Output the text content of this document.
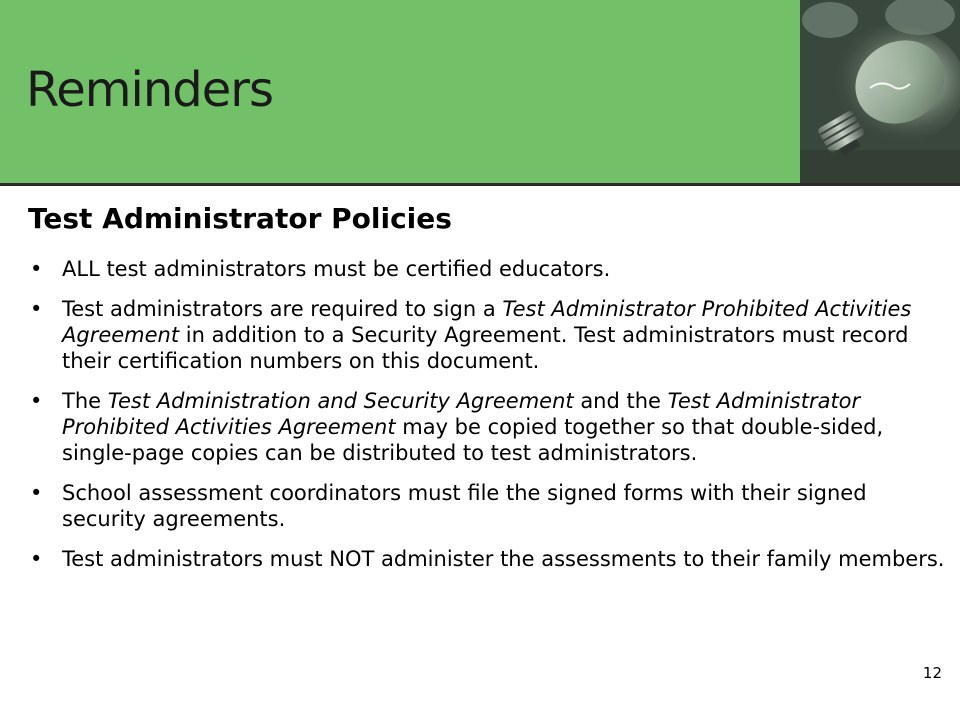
Reminders
Test Administrator Policies
• ALL test administrators must be certified educators.
• Test administrators are required to sign a Test Administrator Prohibited Activities Agreement in addition to a Security Agreement. Test administrators must record their certification numbers on this document.
• The Test Administration and Security Agreement and the Test Administrator Prohibited Activities Agreement may be copied together so that double-sided, single-page copies can be distributed to test administrators.
• School assessment coordinators must file the signed forms with their signed security agreements.
• Test administrators must NOT administer the assessments to their family members.
12
